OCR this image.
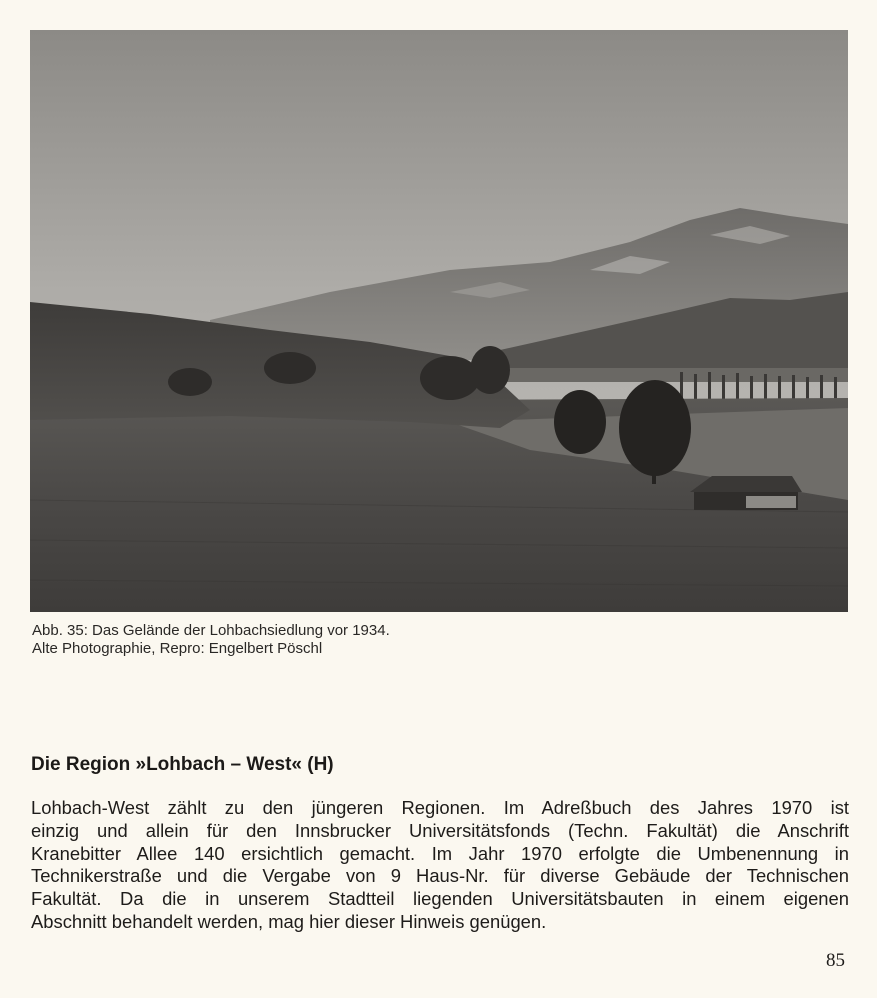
Abb. 35: Das Gelände der Lohbachsiedlung vor 1934.
Alte Photographie, Repro: Engelbert Pöschl
Die Region »Lohbach – West« (H)
Lohbach-West zählt zu den jüngeren Regionen. Im Adreßbuch des Jahres 1970 ist
einzig und allein für den Innsbrucker Universitätsfonds (Techn. Fakultät) die Anschrift
Kranebitter Allee 140 ersichtlich gemacht. Im Jahr 1970 erfolgte die Umbenennung in
Technikerstraße und die Vergabe von 9 Haus-Nr. für diverse Gebäude der Technischen
Fakultät. Da die in unserem Stadtteil liegenden Universitätsbauten in einem eigenen
Abschnitt behandelt werden, mag hier dieser Hinweis genügen.
85
